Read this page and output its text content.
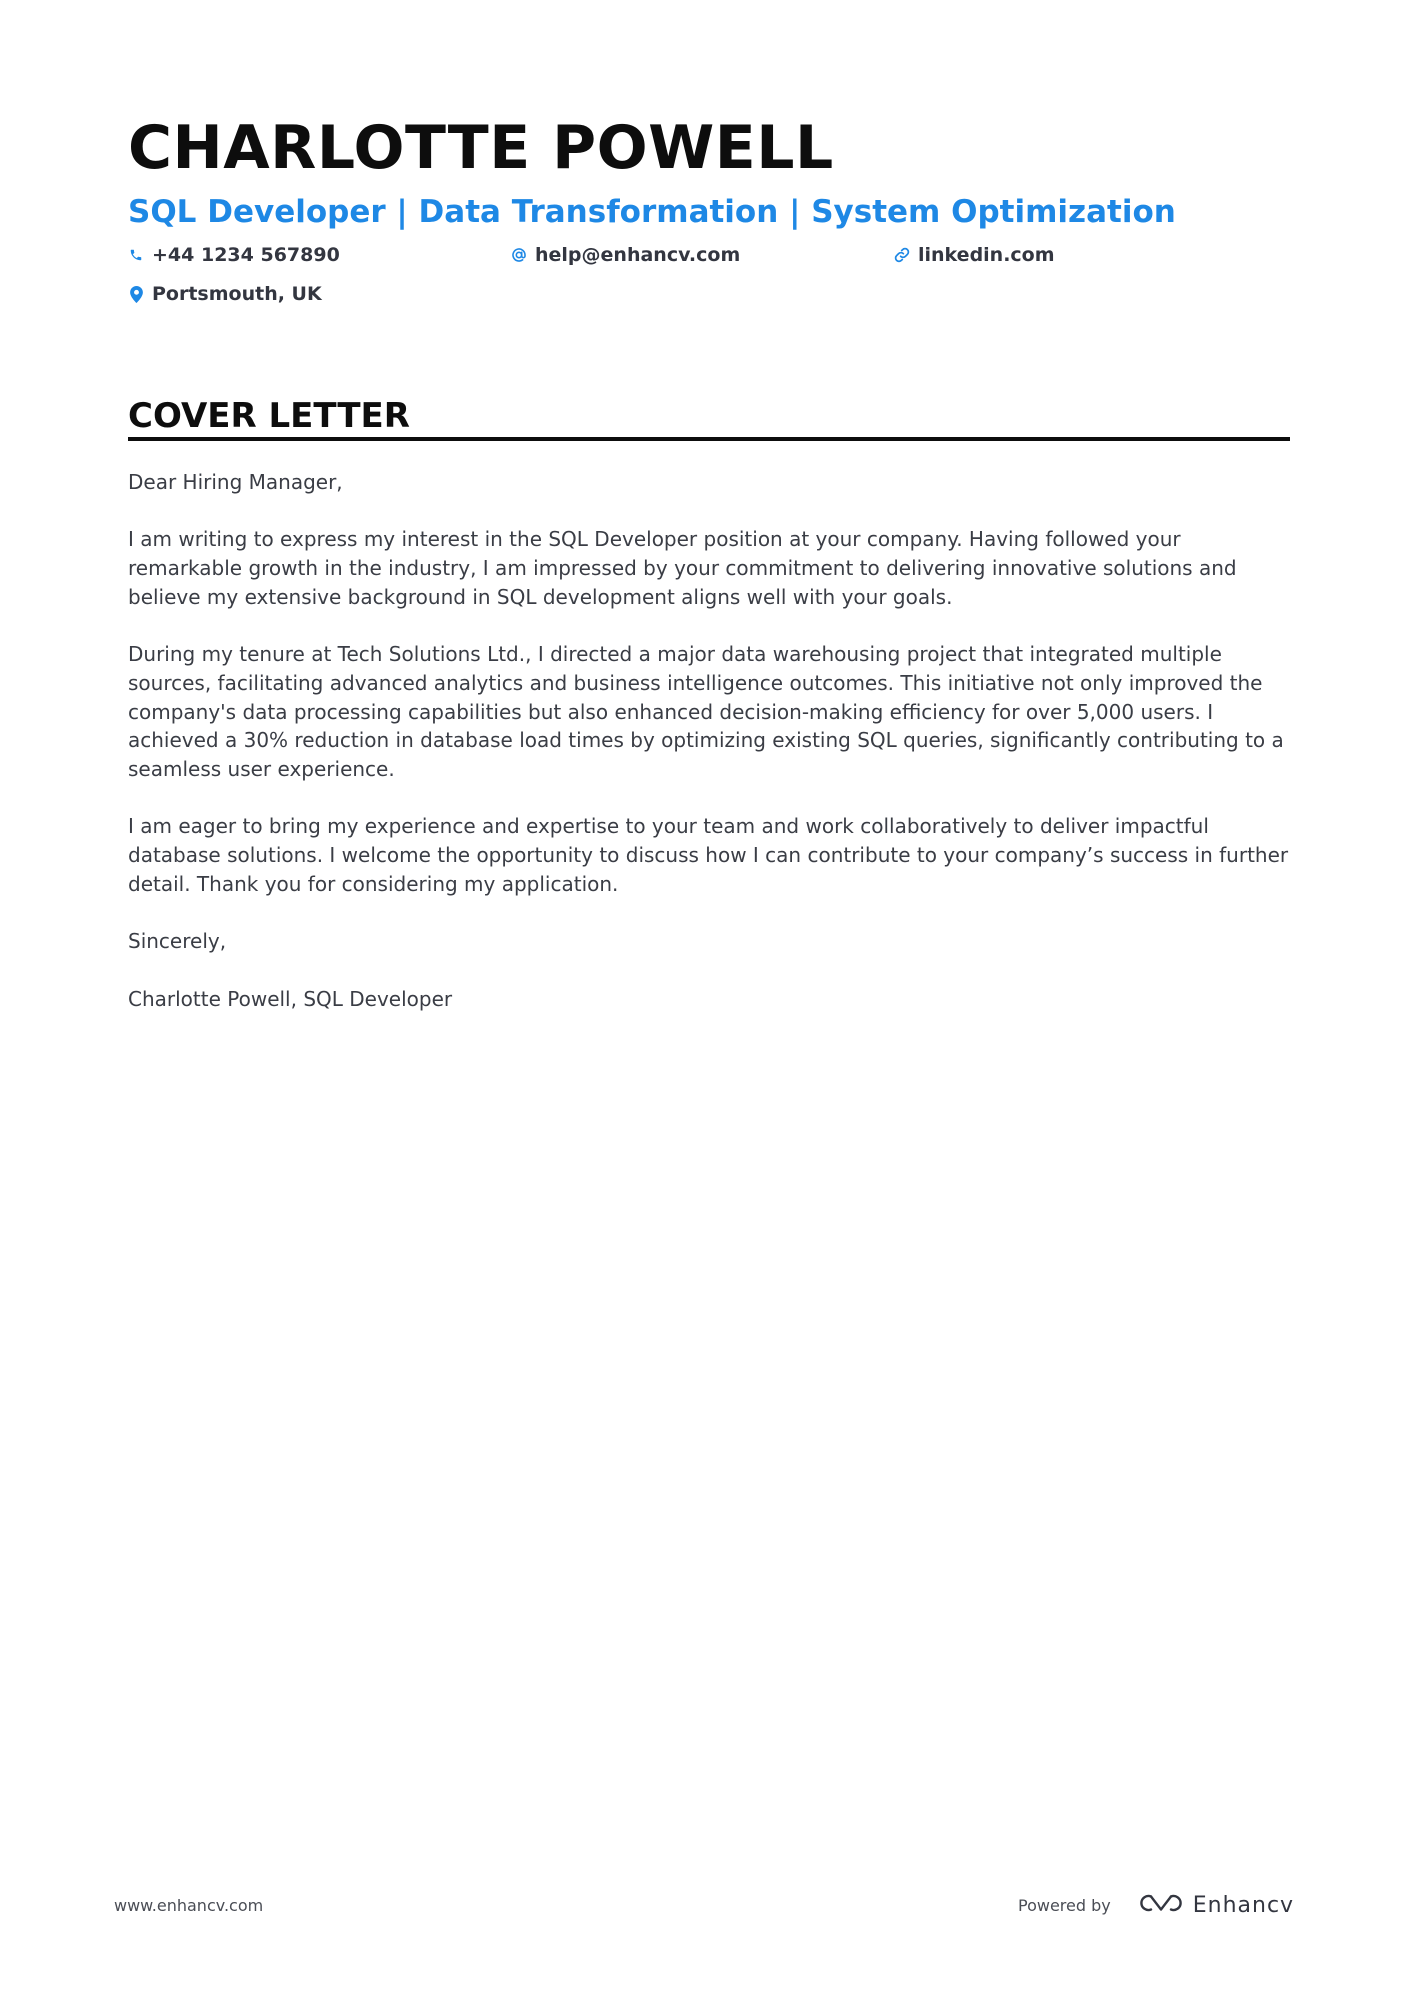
CHARLOTTE POWELL
SQL Developer | Data Transformation | System Optimization
+44 1234 567890	help@enhancv.com	linkedin.com
Portsmouth, UK
COVER LETTER

Dear Hiring Manager,

I am writing to express my interest in the SQL Developer position at your company. Having followed your remarkable growth in the industry, I am impressed by your commitment to delivering innovative solutions and believe my extensive background in SQL development aligns well with your goals.

During my tenure at Tech Solutions Ltd., I directed a major data warehousing project that integrated multiple sources, facilitating advanced analytics and business intelligence outcomes. This initiative not only improved the company's data processing capabilities but also enhanced decision-making efficiency for over 5,000 users. I achieved a 30% reduction in database load times by optimizing existing SQL queries, significantly contributing to a seamless user experience.

I am eager to bring my experience and expertise to your team and work collaboratively to deliver impactful database solutions. I welcome the opportunity to discuss how I can contribute to your company’s success in further detail. Thank you for considering my application.

Sincerely,

Charlotte Powell, SQL Developer

www.enhancv.com	Powered by	Enhancv
